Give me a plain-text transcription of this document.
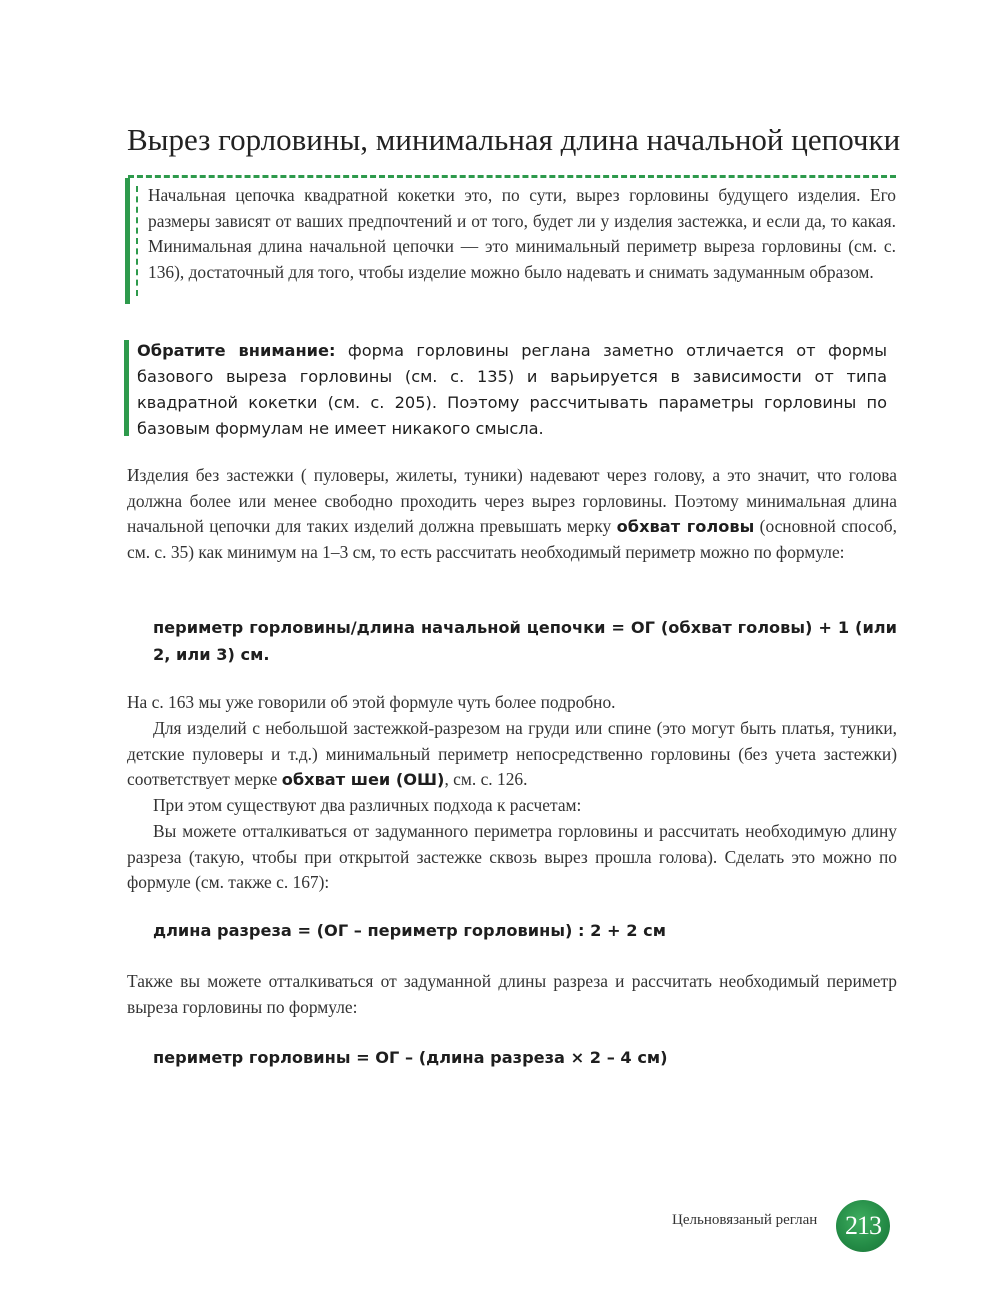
Вырез горловины, минимальная длина начальной цепочки
Начальная цепочка квадратной кокетки это, по сути, вырез горловины будущего изделия. Его размеры зависят от ваших предпочтений и от того, будет ли у изделия застежка, и если да, то какая. Минимальная длина начальной цепочки — это минимальный периметр выреза горловины (см. с. 136), достаточный для того, чтобы изделие можно было надевать и снимать задуманным образом.
Обратите внимание: форма горловины реглана заметно отличается от формы базового выреза горловины (см. с. 135) и варьируется в зависимости от типа квадратной кокетки (см. с. 205). Поэтому рассчитывать параметры горловины по базовым формулам не имеет никакого смысла.

Изделия без застежки ( пуловеры, жилеты, туники) надевают через голову, а это значит, что голова должна более или менее свободно проходить через вырез горловины. Поэтому минимальная длина начальной цепочки для таких изделий должна превышать мерку обхват головы (основной способ, см. с. 35) как минимум на 1–3 см, то есть рассчитать необходимый периметр можно по формуле:

периметр горловины/длина начальной цепочки = ОГ (обхват головы) + 1 (или 2, или 3) см.

На с. 163 мы уже говорили об этой формуле чуть более подробно.

Для изделий с небольшой застежкой-разрезом на груди или спине (это могут быть платья, туники, детские пуловеры и т.д.) минимальный периметр непосредственно горловины (без учета застежки) соответствует мерке обхват шеи (ОШ), см. с. 126.

При этом существуют два различных подхода к расчетам:

Вы можете отталкиваться от задуманного периметра горловины и рассчитать необходимую длину разреза (такую, чтобы при открытой застежке сквозь вырез прошла голова). Сделать это можно по формуле (см. также с. 167):

длина разреза = (ОГ – периметр горловины) : 2 + 2 см

Также вы можете отталкиваться от задуманной длины разреза и рассчитать необходимый периметр выреза горловины по формуле:

периметр горловины = ОГ – (длина разреза × 2 – 4 см)
Цельновязаный реглан 213
